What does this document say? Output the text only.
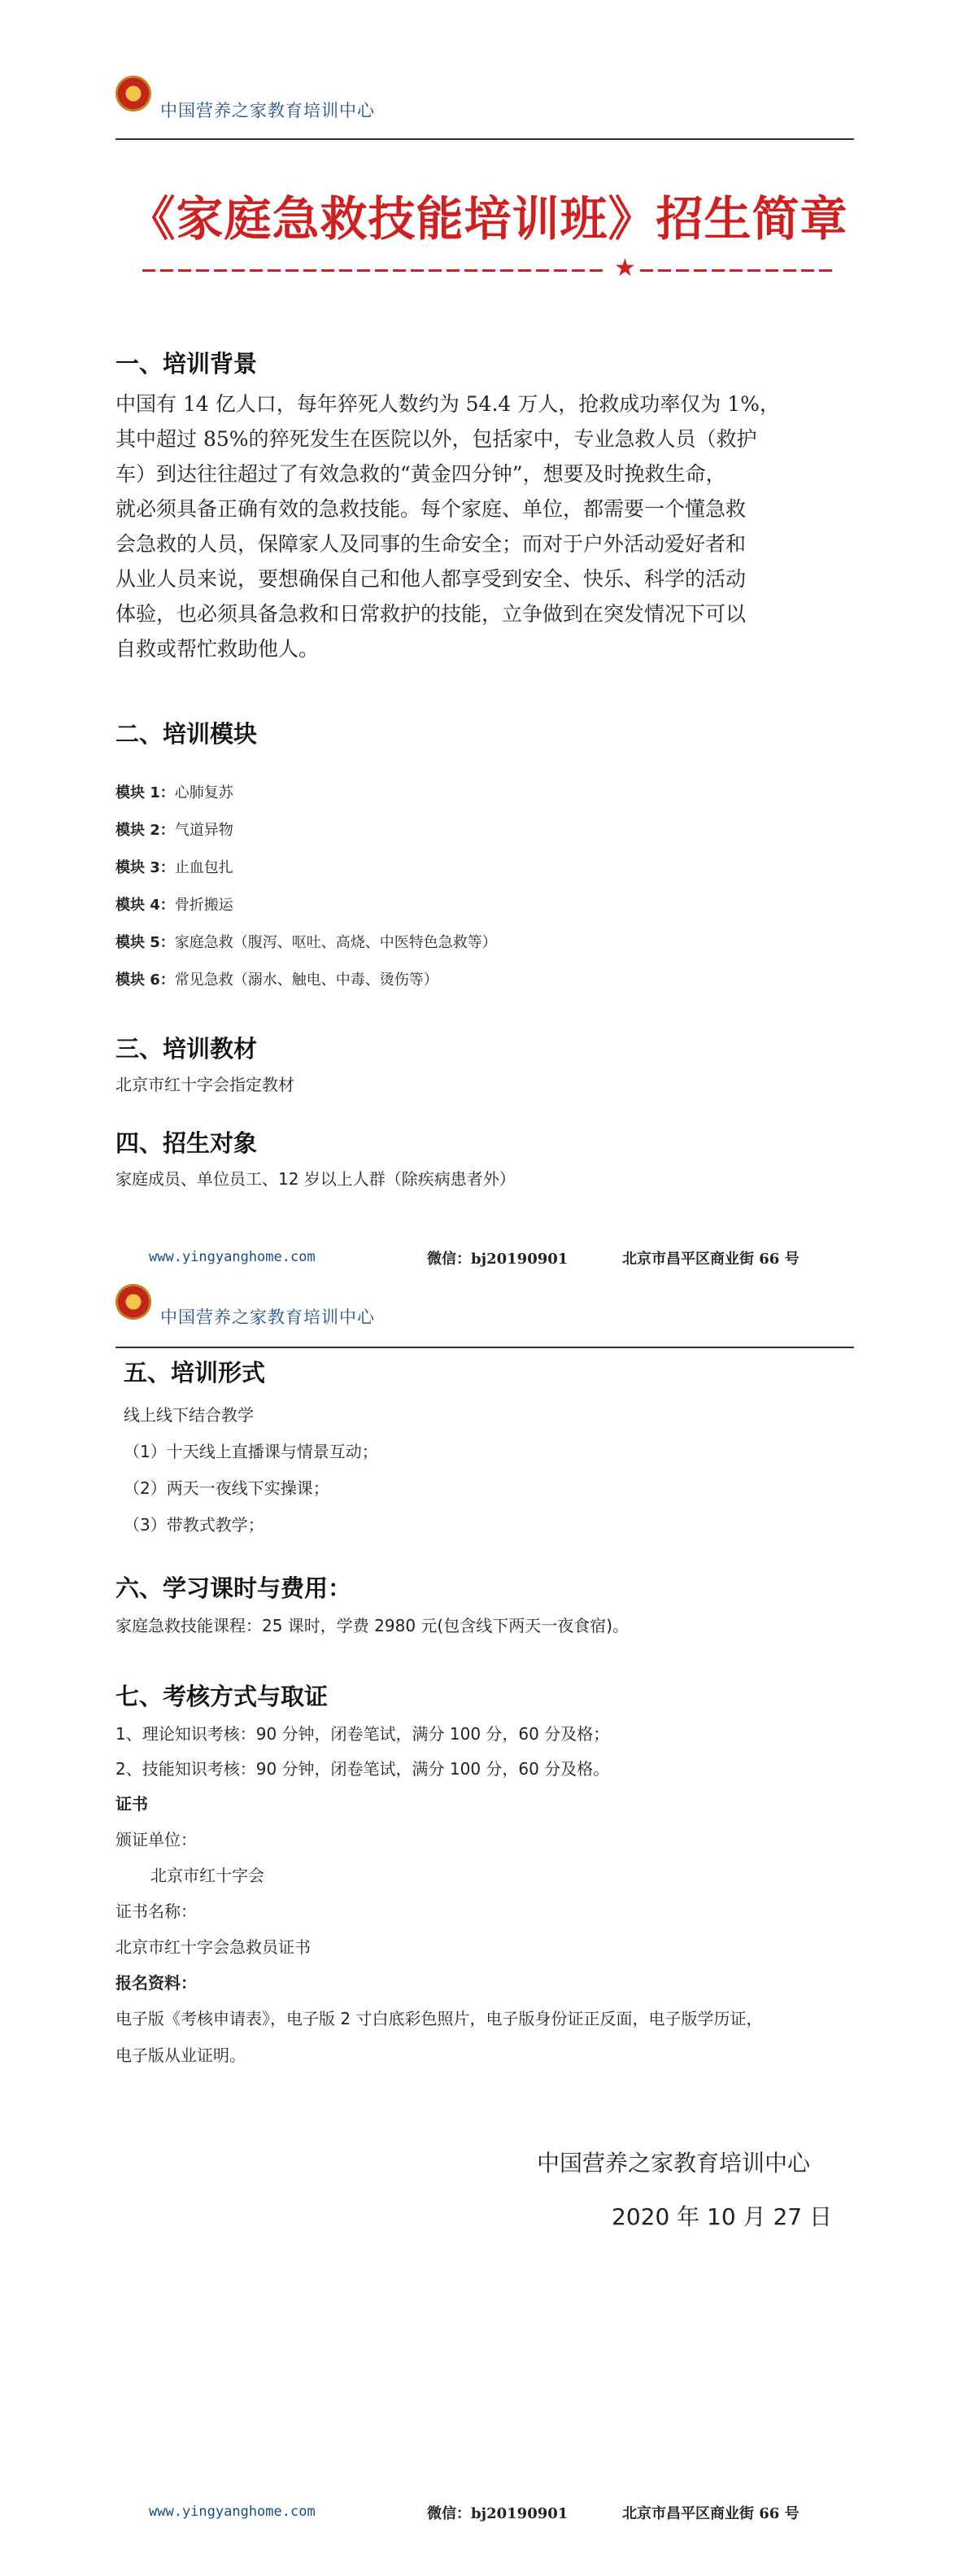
中国营养之家教育培训中心
《家庭急救技能培训班》招生简章
★
一、培训背景
中国有 14 亿人口，每年猝死人数约为 54.4 万人，抢救成功率仅为 1%，
其中超过 85%的猝死发生在医院以外，包括家中，专业急救人员（救护
车）到达往往超过了有效急救的“黄金四分钟”，想要及时挽救生命，
就必须具备正确有效的急救技能。每个家庭、单位，都需要一个懂急救
会急救的人员，保障家人及同事的生命安全；而对于户外活动爱好者和
从业人员来说，要想确保自己和他人都享受到安全、快乐、科学的活动
体验，也必须具备急救和日常救护的技能，立争做到在突发情况下可以
自救或帮忙救助他人。
二、培训模块
模块 1：心肺复苏
模块 2：气道异物
模块 3：止血包扎
模块 4：骨折搬运
模块 5：家庭急救（腹泻、呕吐、高烧、中医特色急救等）
模块 6：常见急救（溺水、触电、中毒、烫伤等）
三、培训教材
北京市红十字会指定教材
四、招生对象
家庭成员、单位员工、12 岁以上人群（除疾病患者外）
www.yingyanghome.com	微信：bj20190901	北京市昌平区商业街 66 号
中国营养之家教育培训中心
五、培训形式
线上线下结合教学
（1）十天线上直播课与情景互动；
（2）两天一夜线下实操课；
（3）带教式教学；
六、学习课时与费用：
家庭急救技能课程：25 课时，学费 2980 元(包含线下两天一夜食宿)。
七、考核方式与取证
1、理论知识考核：90 分钟，闭卷笔试，满分 100 分，60 分及格；
2、技能知识考核：90 分钟，闭卷笔试，满分 100 分，60 分及格。
证书
颁证单位：
北京市红十字会
证书名称：
北京市红十字会急救员证书
报名资料：
电子版《考核申请表》，电子版 2 寸白底彩色照片，电子版身份证正反面，电子版学历证，
电子版从业证明。
中国营养之家教育培训中心
2020 年 10 月 27 日
www.yingyanghome.com	微信：bj20190901	北京市昌平区商业街 66 号
